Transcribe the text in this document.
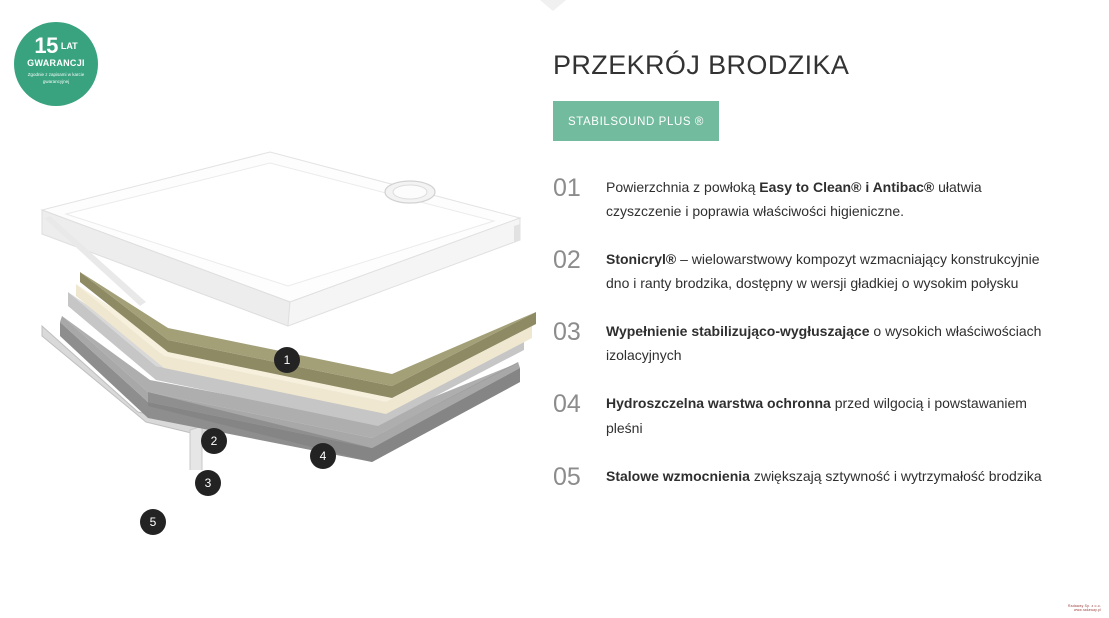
15 LAT
GWARANCJI
Zgodnie z zapisami w karcie gwarancyjnej
1
2
3
4
5
PRZEKRÓJ BRODZIKA
STABILSOUND PLUS ®
01	Powierzchnia z powłoką Easy to Clean® i Antibac® ułatwia czyszczenie i poprawia właściwości higieniczne.
02	Stonicryl® – wielowarstwowy kompozyt wzmacniający konstrukcyjnie dno i ranty brodzika, dostępny w wersji gładkiej o wysokim połysku
03	Wypełnienie stabilizująco-wygłuszające o wysokich właściwościach izolacyjnych
04	Hydroszczelna warstwa ochronna przed wilgocią i powstawaniem pleśni
05	Stalowe wzmocnienia zwiększają sztywność i wytrzymałość brodzika
Radaway Sp. z o.o.
www.radaway.pl
